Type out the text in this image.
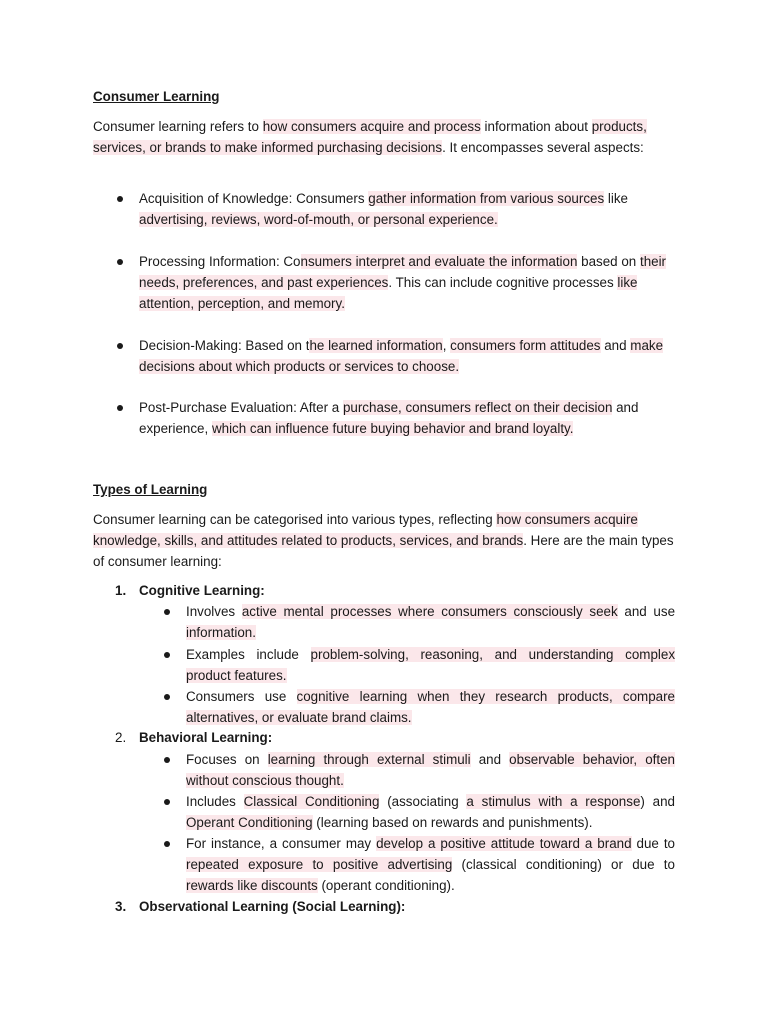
Consumer Learning

Consumer learning refers to how consumers acquire and process information about products, services, or brands to make informed purchasing decisions. It encompasses several aspects:

Acquisition of Knowledge: Consumers gather information from various sources like advertising, reviews, word-of-mouth, or personal experience.
Processing Information: Consumers interpret and evaluate the information based on their needs, preferences, and past experiences. This can include cognitive processes like attention, perception, and memory.
Decision-Making: Based on the learned information, consumers form attitudes and make decisions about which products or services to choose.
Post-Purchase Evaluation: After a purchase, consumers reflect on their decision and experience, which can influence future buying behavior and brand loyalty.

Types of Learning

Consumer learning can be categorised into various types, reflecting how consumers acquire knowledge, skills, and attitudes related to products, services, and brands. Here are the main types of consumer learning:

1. Cognitive Learning:
Involves active mental processes where consumers consciously seek and use information.
Examples include problem-solving, reasoning, and understanding complex product features.
Consumers use cognitive learning when they research products, compare alternatives, or evaluate brand claims.
2. Behavioral Learning:
Focuses on learning through external stimuli and observable behavior, often without conscious thought.
Includes Classical Conditioning (associating a stimulus with a response) and Operant Conditioning (learning based on rewards and punishments).
For instance, a consumer may develop a positive attitude toward a brand due to repeated exposure to positive advertising (classical conditioning) or due to rewards like discounts (operant conditioning).
3. Observational Learning (Social Learning):
